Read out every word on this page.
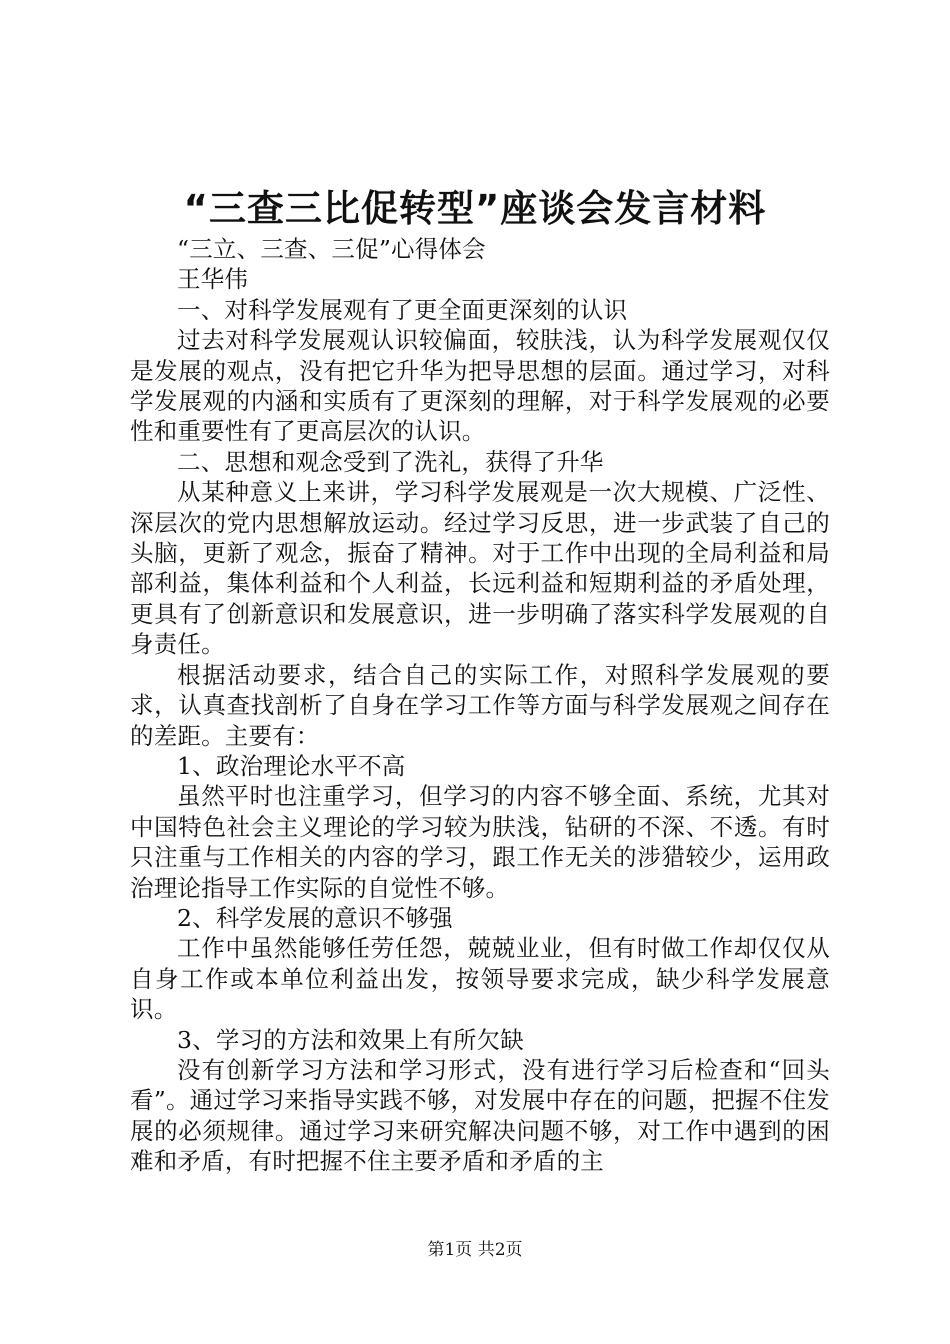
“三查三比促转型”座谈会发言材料

“三立、三查、三促”心得体会

王华伟

一、对科学发展观有了更全面更深刻的认识

过去对科学发展观认识较偏面，较肤浅，认为科学发展观仅仅是发展的观点，没有把它升华为把导思想的层面。通过学习，对科学发展观的内涵和实质有了更深刻的理解，对于科学发展观的必要性和重要性有了更高层次的认识。

二、思想和观念受到了洗礼，获得了升华

从某种意义上来讲，学习科学发展观是一次大规模、广泛性、深层次的党内思想解放运动。经过学习反思，进一步武装了自己的头脑，更新了观念，振奋了精神。对于工作中出现的全局利益和局部利益，集体利益和个人利益，长远利益和短期利益的矛盾处理，更具有了创新意识和发展意识，进一步明确了落实科学发展观的自身责任。

根据活动要求，结合自己的实际工作，对照科学发展观的要求，认真查找剖析了自身在学习工作等方面与科学发展观之间存在的差距。主要有：

1、政治理论水平不高

虽然平时也注重学习，但学习的内容不够全面、系统，尤其对中国特色社会主义理论的学习较为肤浅，钻研的不深、不透。有时只注重与工作相关的内容的学习，跟工作无关的涉猎较少，运用政治理论指导工作实际的自觉性不够。

2、科学发展的意识不够强

工作中虽然能够任劳任怨，兢兢业业，但有时做工作却仅仅从自身工作或本单位利益出发，按领导要求完成，缺少科学发展意识。

3、学习的方法和效果上有所欠缺

没有创新学习方法和学习形式，没有进行学习后检查和“回头看”。通过学习来指导实践不够，对发展中存在的问题，把握不住发展的必须规律。通过学习来研究解决问题不够，对工作中遇到的困难和矛盾，有时把握不住主要矛盾和矛盾的主

第1页 共2页
